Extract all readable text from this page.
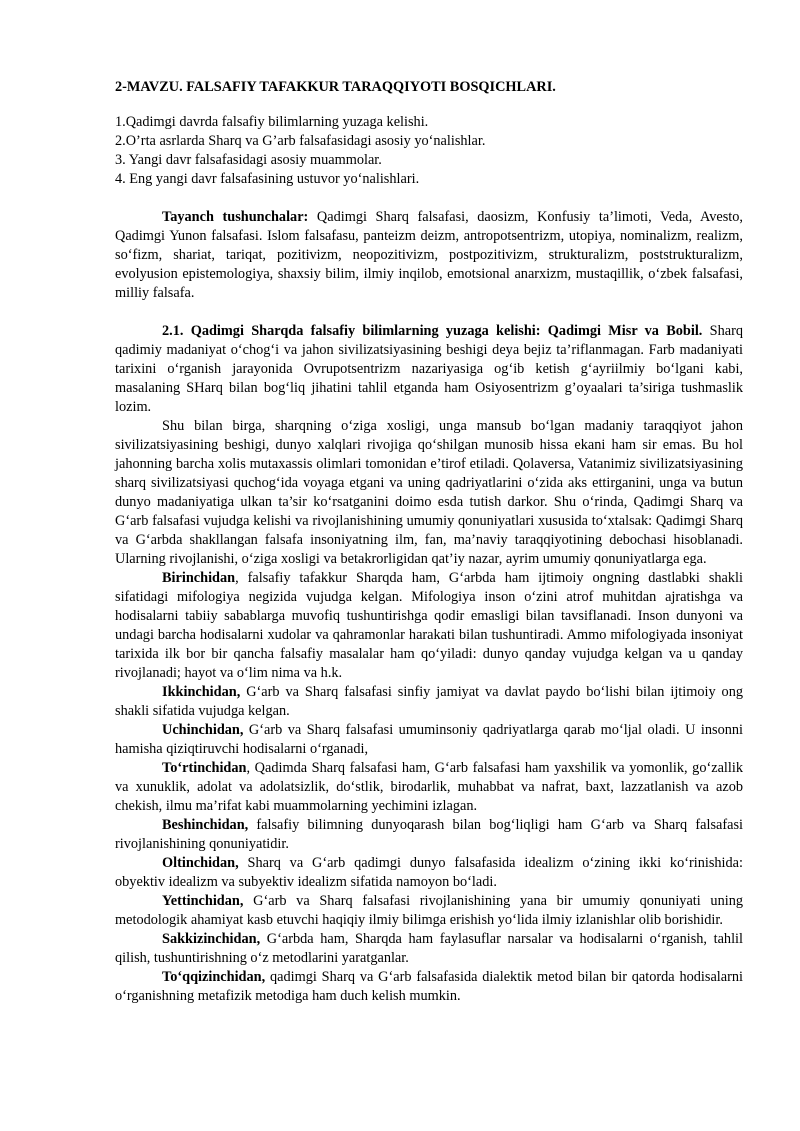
2-MAVZU. FALSAFIY TAFAKKUR TARAQQIYOTI BOSQICHLARI.
1.Qadimgi davrda falsafiy bilimlarning yuzaga kelishi.
2.O’rta asrlarda Sharq va G’arb falsafasidagi asosiy yo‘nalishlar.
3. Yangi davr falsafasidagi asosiy muammolar.
4. Eng yangi davr falsafasining ustuvor yo‘nalishlari.

Tayanch tushunchalar: Qadimgi Sharq falsafasi, daosizm, Konfusiy ta’limoti, Veda, Avesto, Qadimgi Yunon falsafasi. Islom falsafasu, panteizm deizm, antropotsentrizm, utopiya, nominalizm, realizm, so‘fizm, shariat, tariqat, pozitivizm, neopozitivizm, postpozitivizm, strukturalizm, poststrukturalizm, evolyusion epistemologiya, shaxsiy bilim, ilmiy inqilob, emotsional anarxizm, mustaqillik, o‘zbek falsafasi, milliy falsafa.

2.1. Qadimgi Sharqda falsafiy bilimlarning yuzaga kelishi: Qadimgi Misr va Bobil. Sharq qadimiy madaniyat o‘chog‘i va jahon sivilizatsiyasining beshigi deya bejiz ta’riflanmagan. Farb madaniyati tarixini o‘rganish jarayonida Ovrupotsentrizm nazariyasiga og‘ib ketish g‘ayriilmiy bo‘lgani kabi, masalaning SHarq bilan bog‘liq jihatini tahlil etganda ham Osiyosentrizm g’oyaalari ta’siriga tushmaslik lozim.

Shu bilan birga, sharqning o‘ziga xosligi, unga mansub bo‘lgan madaniy taraqqiyot jahon sivilizatsiyasining beshigi, dunyo xalqlari rivojiga qo‘shilgan munosib hissa ekani ham sir emas. Bu hol jahonning barcha xolis mutaxassis olimlari tomonidan e’tirof etiladi. Qolaversa, Vatanimiz sivilizatsiyasining sharq sivilizatsiyasi quchog‘ida voyaga etgani va uning qadriyatlarini o‘zida aks ettirganini, unga va butun dunyo madaniyatiga ulkan ta’sir ko‘rsatganini doimo esda tutish darkor. Shu o‘rinda, Qadimgi Sharq va G‘arb falsafasi vujudga kelishi va rivojlanishining umumiy qonuniyatlari xususida to‘xtalsak: Qadimgi Sharq va G‘arbda shakllangan falsafa insoniyatning ilm, fan, ma’naviy taraqqiyotining debochasi hisoblanadi. Ularning rivojlanishi, o‘ziga xosligi va betakrorligidan qat’iy nazar, ayrim umumiy qonuniyatlarga ega.

Birinchidan, falsafiy tafakkur Sharqda ham, G‘arbda ham ijtimoiy ongning dastlabki shakli sifatidagi mifologiya negizida vujudga kelgan. Mifologiya inson o‘zini atrof muhitdan ajratishga va hodisalarni tabiiy sabablarga muvofiq tushuntirishga qodir emasligi bilan tavsiflanadi. Inson dunyoni va undagi barcha hodisalarni xudolar va qahramonlar harakati bilan tushuntiradi. Ammo mifologiyada insoniyat tarixida ilk bor bir qancha falsafiy masalalar ham qo‘yiladi: dunyo qanday vujudga kelgan va u qanday rivojlanadi; hayot va o‘lim nima va h.k.

Ikkinchidan, G‘arb va Sharq falsafasi sinfiy jamiyat va davlat paydo bo‘lishi bilan ijtimoiy ong shakli sifatida vujudga kelgan.

Uchinchidan, G‘arb va Sharq falsafasi umuminsoniy qadriyatlarga qarab mo‘ljal oladi. U insonni hamisha qiziqtiruvchi hodisalarni o‘rganadi,

To‘rtinchidan, Qadimda Sharq falsafasi ham, G‘arb falsafasi ham yaxshilik va yomonlik, go‘zallik va xunuklik, adolat va adolatsizlik, do‘stlik, birodarlik, muhabbat va nafrat, baxt, lazzatlanish va azob chekish, ilmu ma’rifat kabi muammolarning yechimini izlagan.

Beshinchidan, falsafiy bilimning dunyoqarash bilan bog‘liqligi ham G‘arb va Sharq falsafasi rivojlanishining qonuniyatidir.

Oltinchidan, Sharq va G‘arb qadimgi dunyo falsafasida idealizm o‘zining ikki ko‘rinishida: obyektiv idealizm va subyektiv idealizm sifatida namoyon bo‘ladi.

Yettinchidan, G‘arb va Sharq falsafasi rivojlanishining yana bir umumiy qonuniyati uning metodologik ahamiyat kasb etuvchi haqiqiy ilmiy bilimga erishish yo‘lida ilmiy izlanishlar olib borishidir.

Sakkizinchidan, G‘arbda ham, Sharqda ham faylasuflar narsalar va hodisalarni o‘rganish, tahlil qilish, tushuntirishning o‘z metodlarini yaratganlar.

To‘qqizinchidan, qadimgi Sharq va G‘arb falsafasida dialektik metod bilan bir qatorda hodisalarni o‘rganishning metafizik metodiga ham duch kelish mumkin.
